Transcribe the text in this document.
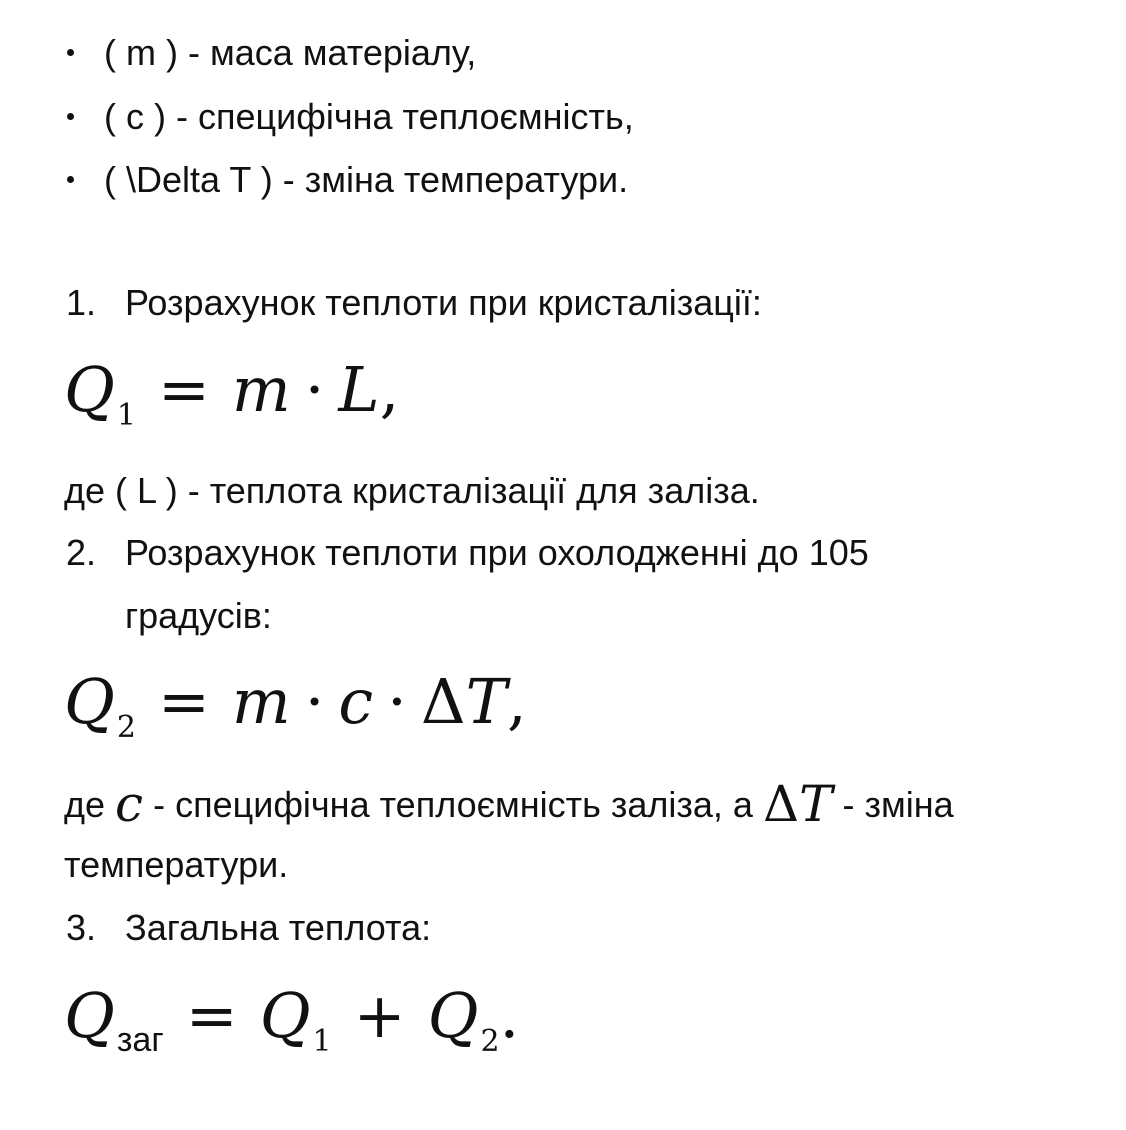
( m ) - маса матеріалу,
( c ) - специфічна теплоємність,
( \Delta T ) - зміна температури.
1. Розрахунок теплоти при кристалізації:
$Q_1 = m \cdot L$,
де ( L ) - теплота кристалізації для заліза.
2. Розрахунок теплоти при охолодженні до 105
градусів:
$Q_2 = m \cdot c \cdot \Delta T$,
де c - специфічна теплоємність заліза, а ΔT - зміна
температури.
3. Загальна теплота:
$Q_{заг} = Q_1 + Q_2$.
